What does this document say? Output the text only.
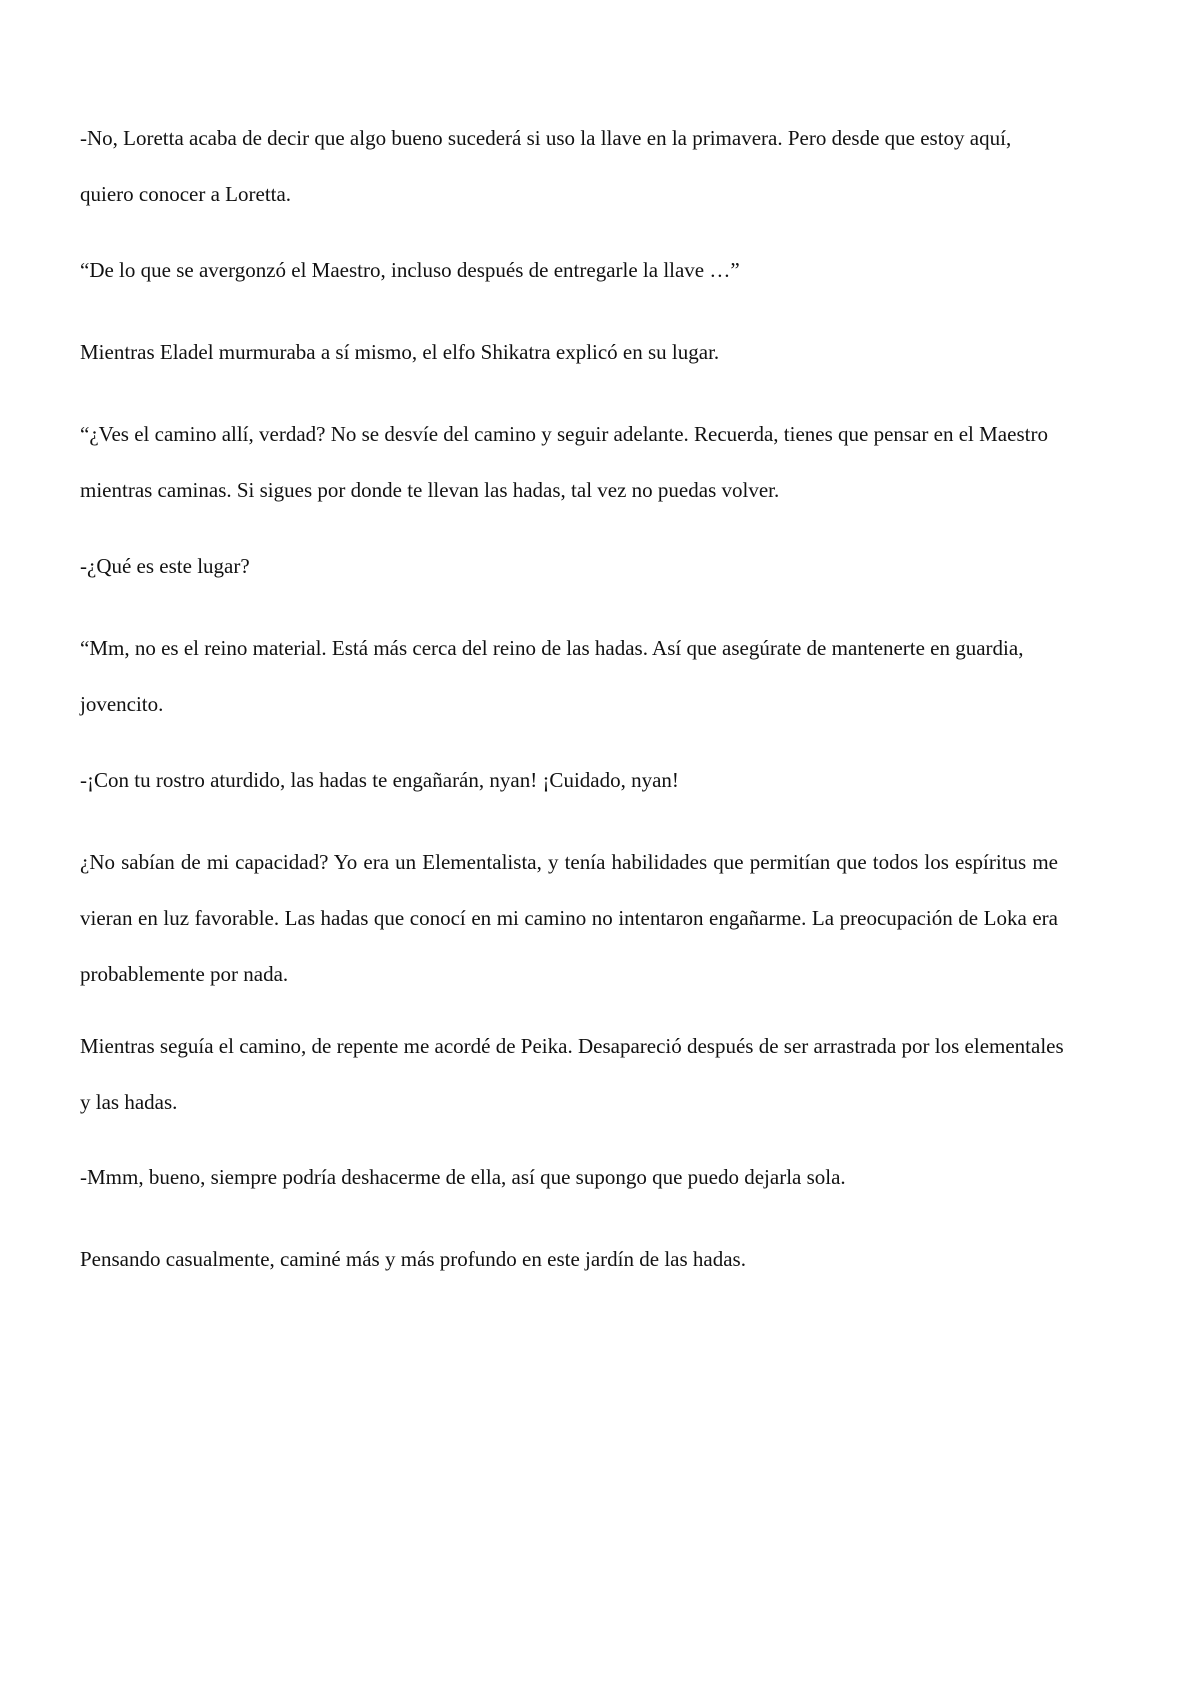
-No, Loretta acaba de decir que algo bueno sucederá si uso la llave en la primavera. Pero desde que estoy aquí, quiero conocer a Loretta.

“De lo que se avergonzó el Maestro, incluso después de entregarle la llave …”

Mientras Eladel murmuraba a sí mismo, el elfo Shikatra explicó en su lugar.

“¿Ves el camino allí, verdad? No se desvíe del camino y seguir adelante. Recuerda, tienes que pensar en el Maestro mientras caminas. Si sigues por donde te llevan las hadas, tal vez no puedas volver.

-¿Qué es este lugar?

“Mm, no es el reino material. Está más cerca del reino de las hadas. Así que asegúrate de mantenerte en guardia, jovencito.

-¡Con tu rostro aturdido, las hadas te engañarán, nyan! ¡Cuidado, nyan!

¿No sabían de mi capacidad? Yo era un Elementalista, y tenía habilidades que permitían que todos los espíritus me vieran en luz favorable. Las hadas que conocí en mi camino no intentaron engañarme. La preocupación de Loka era probablemente por nada.

Mientras seguía el camino, de repente me acordé de Peika. Desapareció después de ser arrastrada por los elementales y las hadas.

-Mmm, bueno, siempre podría deshacerme de ella, así que supongo que puedo dejarla sola.

Pensando casualmente, caminé más y más profundo en este jardín de las hadas.
